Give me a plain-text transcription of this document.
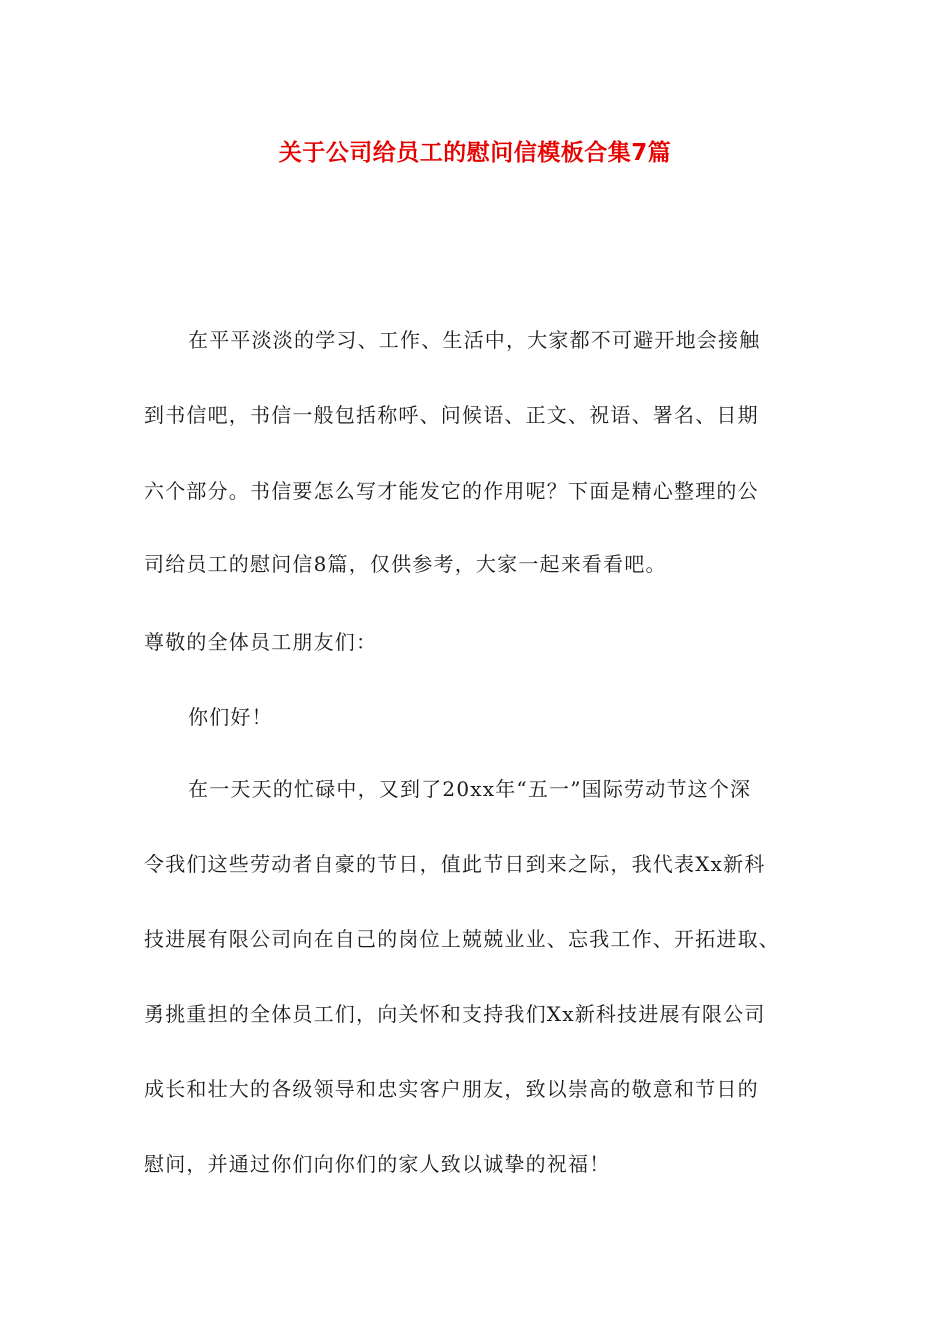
关于公司给员工的慰问信模板合集7篇
在平平淡淡的学习、工作、生活中，大家都不可避开地会接触
到书信吧，书信一般包括称呼、问候语、正文、祝语、署名、日期
六个部分。书信要怎么写才能发它的作用呢？下面是精心整理的公
司给员工的慰问信8篇，仅供参考，大家一起来看看吧。
尊敬的全体员工朋友们：
你们好！
在一天天的忙碌中，又到了20xx年“五一”国际劳动节这个深
令我们这些劳动者自豪的节日，值此节日到来之际，我代表Xx新科
技进展有限公司向在自己的岗位上兢兢业业、忘我工作、开拓进取、
勇挑重担的全体员工们，向关怀和支持我们Xx新科技进展有限公司
成长和壮大的各级领导和忠实客户朋友，致以崇高的敬意和节日的
慰问，并通过你们向你们的家人致以诚挚的祝福！
